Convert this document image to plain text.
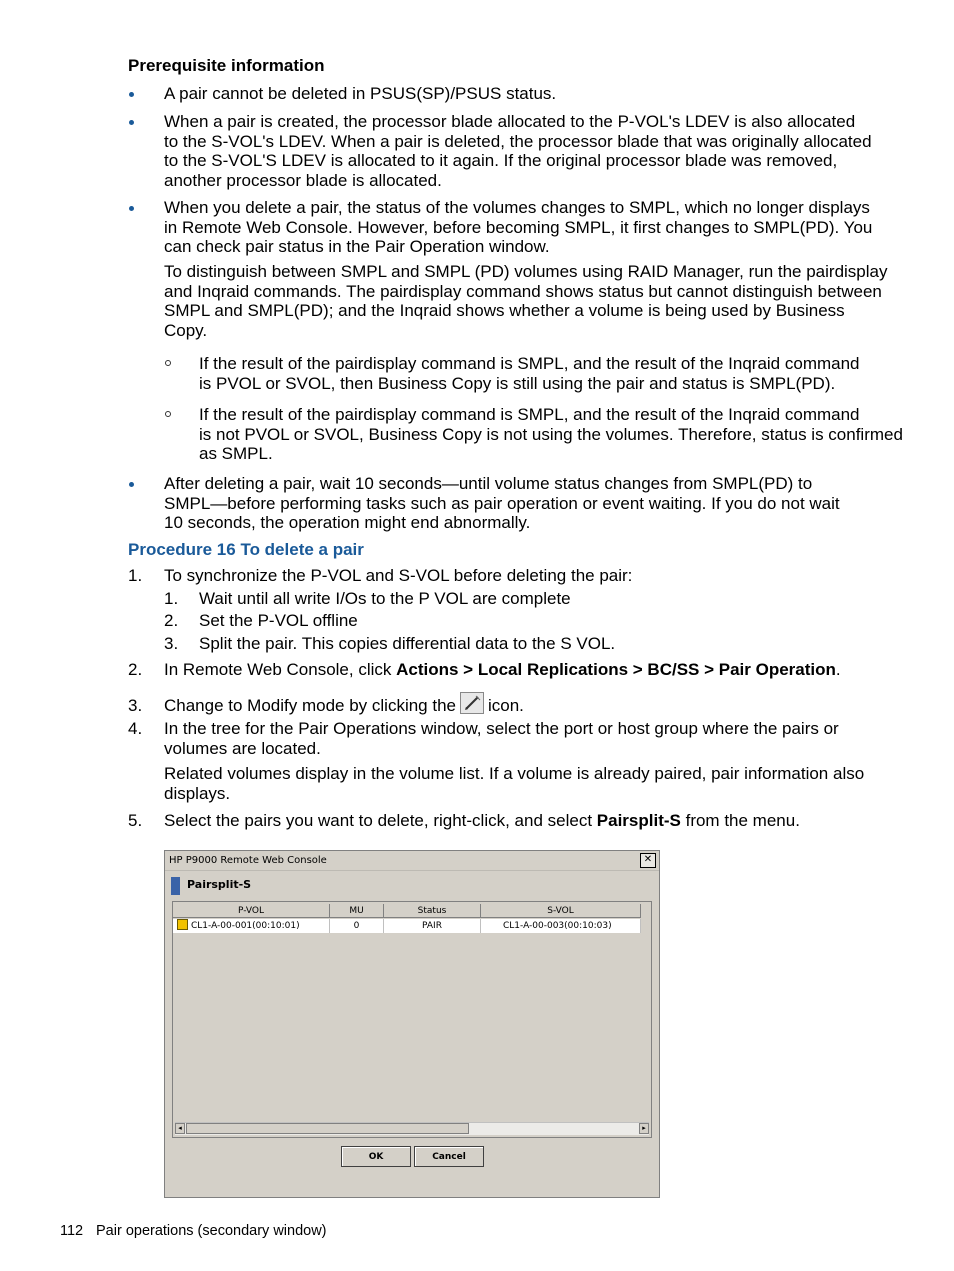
Prerequisite information
A pair cannot be deleted in PSUS(SP)/PSUS status.
When a pair is created, the processor blade allocated to the P-VOL's LDEV is also allocated
to the S-VOL's LDEV. When a pair is deleted, the processor blade that was originally allocated
to the S-VOL'S LDEV is allocated to it again. If the original processor blade was removed,
another processor blade is allocated.
When you delete a pair, the status of the volumes changes to SMPL, which no longer displays
in Remote Web Console. However, before becoming SMPL, it first changes to SMPL(PD). You
can check pair status in the Pair Operation window.
To distinguish between SMPL and SMPL (PD) volumes using RAID Manager, run the pairdisplay
and Inqraid commands. The pairdisplay command shows status but cannot distinguish between
SMPL and SMPL(PD); and the Inqraid shows whether a volume is being used by Business
Copy.
If the result of the pairdisplay command is SMPL, and the result of the Inqraid command
is PVOL or SVOL, then Business Copy is still using the pair and status is SMPL(PD).
If the result of the pairdisplay command is SMPL, and the result of the Inqraid command
is not PVOL or SVOL, Business Copy is not using the volumes. Therefore, status is confirmed
as SMPL.
After deleting a pair, wait 10 seconds—until volume status changes from SMPL(PD) to
SMPL—before performing tasks such as pair operation or event waiting. If you do not wait
10 seconds, the operation might end abnormally.
Procedure 16 To delete a pair
1. To synchronize the P-VOL and S-VOL before deleting the pair:
1. Wait until all write I/Os to the P VOL are complete
2. Set the P-VOL offline
3. Split the pair. This copies differential data to the S VOL.
2. In Remote Web Console, click Actions > Local Replications > BC/SS > Pair Operation.
3. Change to Modify mode by clicking the icon.
4. In the tree for the Pair Operations window, select the port or host group where the pairs or
volumes are located.
Related volumes display in the volume list. If a volume is already paired, pair information also
displays.
5. Select the pairs you want to delete, right-click, and select Pairsplit-S from the menu.
HP P9000 Remote Web Console	✕
Pairsplit-S
P-VOL	MU	Status	S-VOL
CL1-A-00-001(00:10:01)	0	PAIR	CL1-A-00-003(00:10:03)
◂	▸
OK	Cancel
112 Pair operations (secondary window)
